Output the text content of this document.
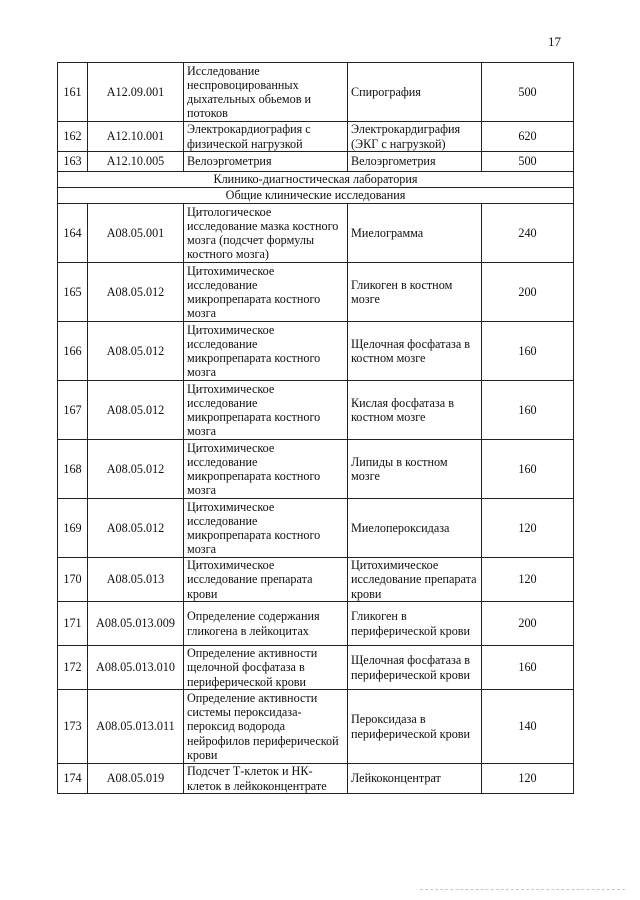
17
161	A12.09.001	Исследование неспровоцированных дыхательных обьемов и потоков	Спирография	500
162	A12.10.001	Электрокардиография с физической нагрузкой	Электрокардиграфия (ЭКГ с нагрузкой)	620
163	A12.10.005	Велоэргометрия	Велоэргометрия	500
Клинико-диагностическая лаборатория				
Общие клинические исследования				
164	A08.05.001	Цитологическое исследование мазка костного мозга (подсчет формулы костного мозга)	Миелограмма	240
165	A08.05.012	Цитохимическое исследование микропрепарата костного мозга	Гликоген в костном мозге	200
166	A08.05.012	Цитохимическое исследование микропрепарата костного мозга	Щелочная фосфатаза в костном мозге	160
167	A08.05.012	Цитохимическое исследование микропрепарата костного мозга	Кислая фосфатаза в костном мозге	160
168	A08.05.012	Цитохимическое исследование микропрепарата костного мозга	Липиды в костном мозге	160
169	A08.05.012	Цитохимическое исследование микропрепарата костного мозга	Миелопероксидаза	120
170	A08.05.013	Цитохимическое исследование препарата крови	Цитохимическое исследование препарата крови	120
171	A08.05.013.009	Определение содержания гликогена в лейкоцитах	Гликоген в периферической крови	200
172	A08.05.013.010	Определение активности щелочной фосфатаза в периферической крови	Щелочная фосфатаза в периферической крови	160
173	A08.05.013.011	Определение активности системы пероксидаза-пероксид водорода нейрофилов периферической крови	Пероксидаза в периферической крови	140
174	A08.05.019	Подсчет Т-клеток и НК-клеток в лейкоконцентрате	Лейкоконцентрат	120
